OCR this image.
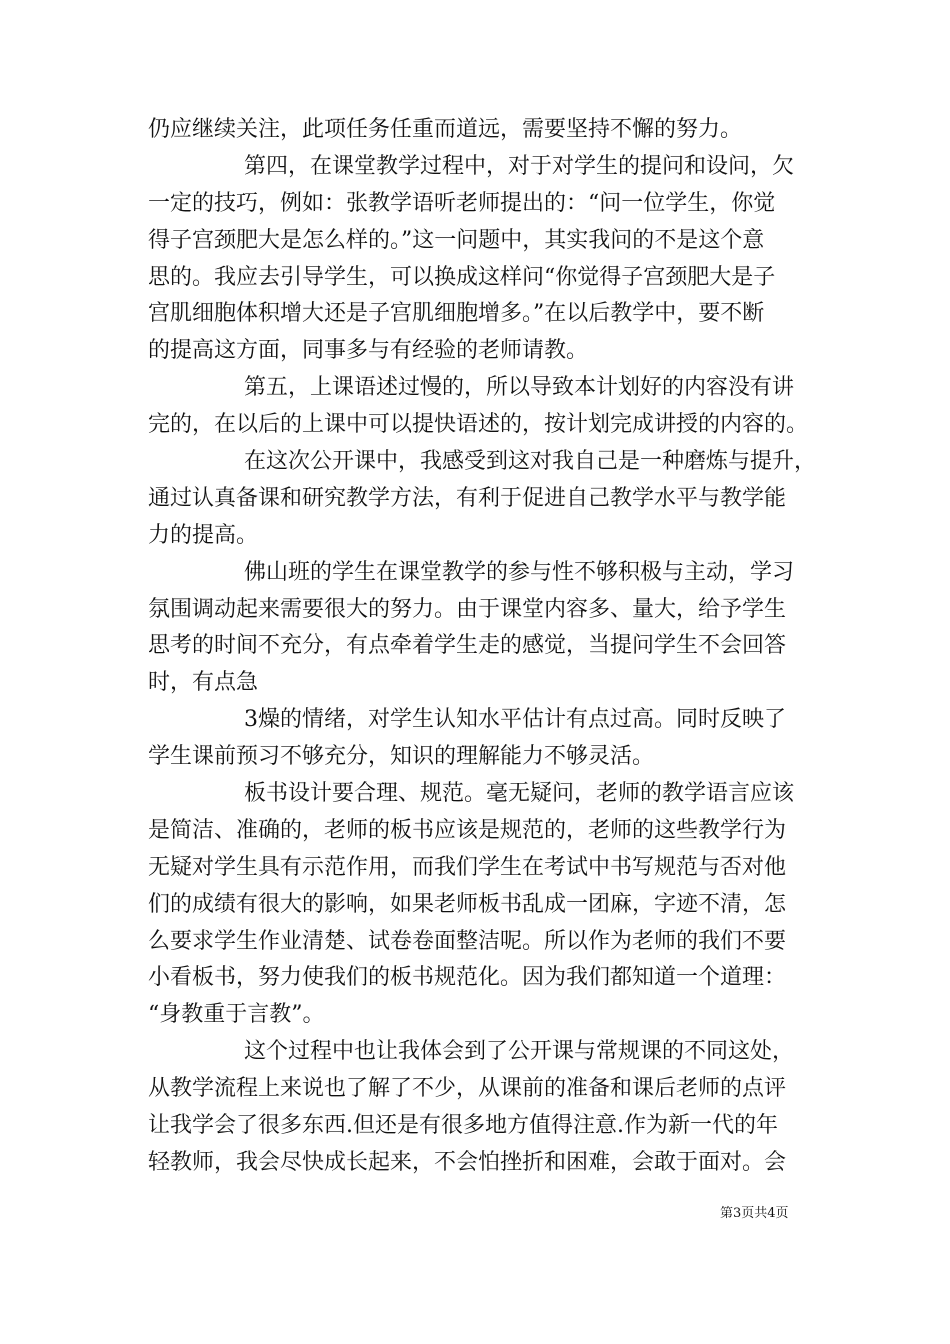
仍应继续关注，此项任务任重而道远，需要坚持不懈的努力。
第四，在课堂教学过程中，对于对学生的提问和设问，欠
一定的技巧，例如：张教学语听老师提出的：“问一位学生，你觉
得子宫颈肥大是怎么样的。”这一问题中，其实我问的不是这个意
思的。我应去引导学生，可以换成这样问“你觉得子宫颈肥大是子
宫肌细胞体积增大还是子宫肌细胞增多。”在以后教学中，要不断
的提高这方面，同事多与有经验的老师请教。
第五，上课语述过慢的，所以导致本计划好的内容没有讲
完的，在以后的上课中可以提快语述的，按计划完成讲授的内容的。
在这次公开课中，我感受到这对我自己是一种磨炼与提升，
通过认真备课和研究教学方法，有利于促进自己教学水平与教学能
力的提高。
佛山班的学生在课堂教学的参与性不够积极与主动，学习
氛围调动起来需要很大的努力。由于课堂内容多、量大，给予学生
思考的时间不充分，有点牵着学生走的感觉，当提问学生不会回答
时，有点急
3燥的情绪，对学生认知水平估计有点过高。同时反映了
学生课前预习不够充分，知识的理解能力不够灵活。
板书设计要合理、规范。毫无疑问，老师的教学语言应该
是简洁、准确的，老师的板书应该是规范的，老师的这些教学行为
无疑对学生具有示范作用，而我们学生在考试中书写规范与否对他
们的成绩有很大的影响，如果老师板书乱成一团麻，字迹不清，怎
么要求学生作业清楚、试卷卷面整洁呢。所以作为老师的我们不要
小看板书，努力使我们的板书规范化。因为我们都知道一个道理：
“身教重于言教”。
这个过程中也让我体会到了公开课与常规课的不同这处，
从教学流程上来说也了解了不少，从课前的准备和课后老师的点评
让我学会了很多东西.但还是有很多地方值得注意.作为新一代的年
轻教师，我会尽快成长起来，不会怕挫折和困难，会敢于面对。会
第3页共4页
